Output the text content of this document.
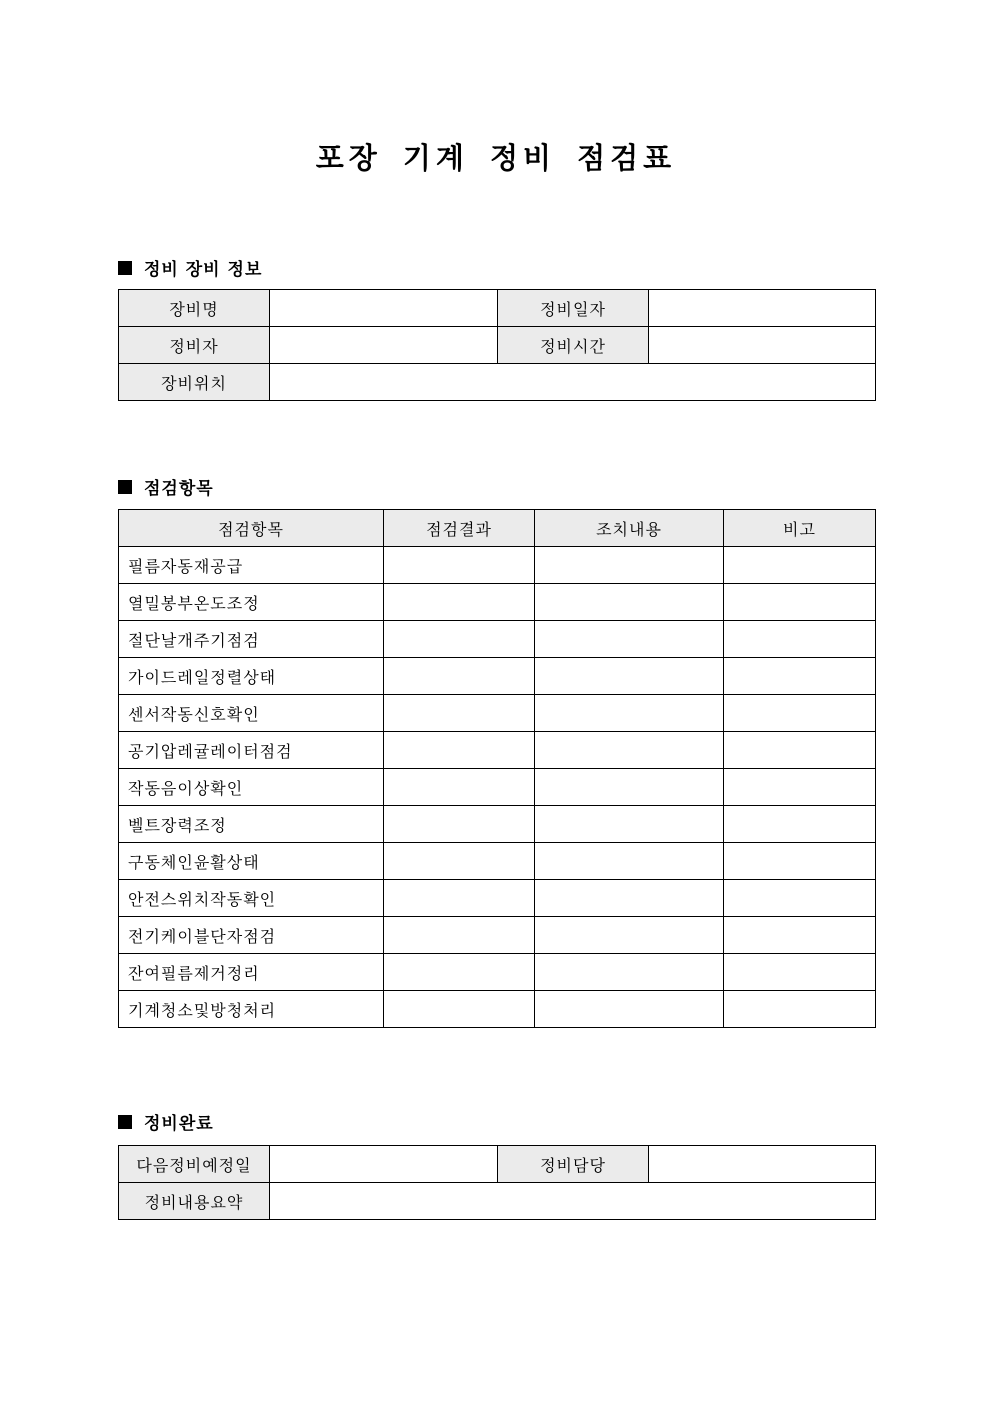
포장 기계 정비 점검표
정비 장비 정보
장비명		정비일자	
정비자		정비시간	
장비위치			
점검항목
점검항목	점검결과	조치내용	비고
필름자동재공급			
열밀봉부온도조정			
절단날개주기점검			
가이드레일정렬상태			
센서작동신호확인			
공기압레귤레이터점검			
작동음이상확인			
벨트장력조정			
구동체인윤활상태			
안전스위치작동확인			
전기케이블단자점검			
잔여필름제거정리			
기계청소및방청처리			
정비완료
다음정비예정일		정비담당	
정비내용요약			
